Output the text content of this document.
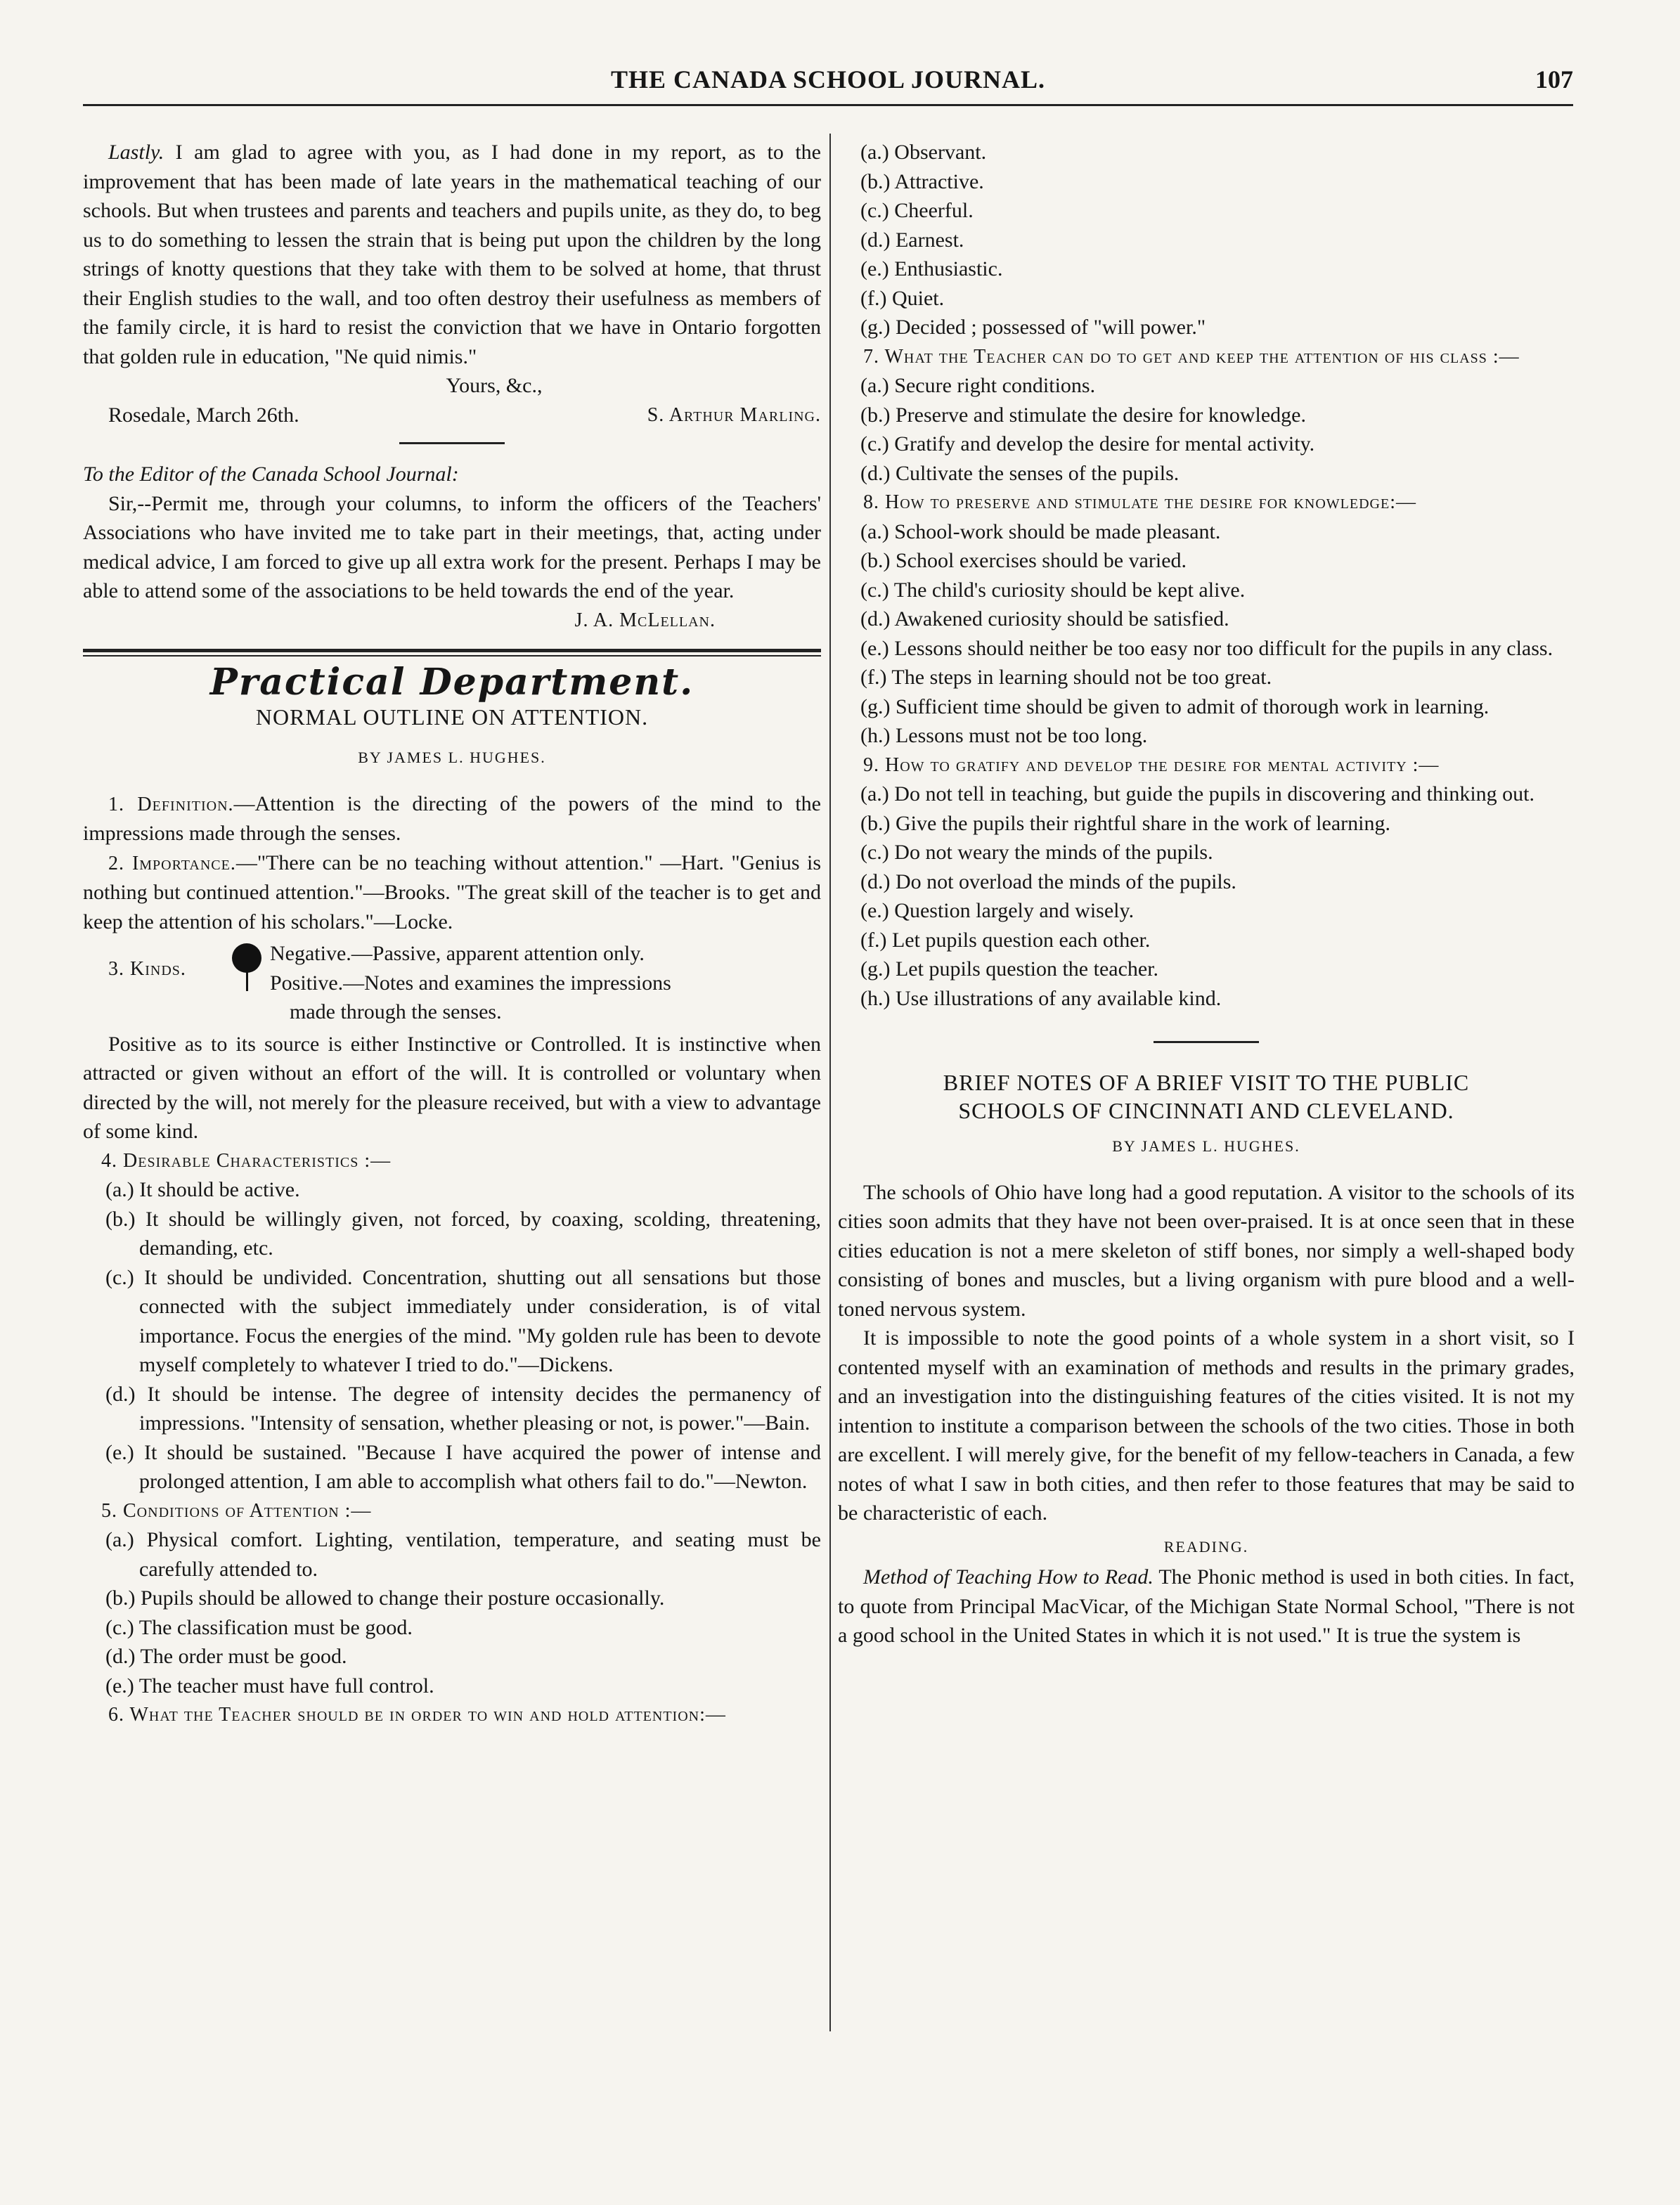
THE CANADA SCHOOL JOURNAL.	107

Lastly. I am glad to agree with you, as I had done in my report, as to the improvement that has been made of late years in the mathematical teaching of our schools. But when trustees and parents and teachers and pupils unite, as they do, to beg us to do something to lessen the strain that is being put upon the children by the long strings of knotty questions that they take with them to be solved at home, that thrust their English studies to the wall, and too often destroy their usefulness as members of the family circle, it is hard to resist the conviction that we have in Ontario forgotten that golden rule in education, "Ne quid nimis."

Yours, &c.,

Rosedale, March 26th.	S. Arthur Marling.

To the Editor of the Canada School Journal:

Sir,--Permit me, through your columns, to inform the officers of the Teachers' Associations who have invited me to take part in their meetings, that, acting under medical advice, I am forced to give up all extra work for the present. Perhaps I may be able to attend some of the associations to be held towards the end of the year.

J. A. McLellan.

Practical Department.
NORMAL OUTLINE ON ATTENTION.
BY JAMES L. HUGHES.

1. Definition.—Attention is the directing of the powers of the mind to the impressions made through the senses.

2. Importance.—"There can be no teaching without attention." —Hart. "Genius is nothing but continued attention."—Brooks. "The great skill of the teacher is to get and keep the attention of his scholars."—Locke.

3. Kinds.
Negative.—Passive, apparent attention only.
Positive.—Notes and examines the impressions
made through the senses.

Positive as to its source is either Instinctive or Controlled. It is instinctive when attracted or given without an effort of the will. It is controlled or voluntary when directed by the will, not merely for the pleasure received, but with a view to advantage of some kind.

4. Desirable Characteristics :—

(a.) It should be active.

(b.) It should be willingly given, not forced, by coaxing, scolding, threatening, demanding, etc.

(c.) It should be undivided. Concentration, shutting out all sensations but those connected with the subject immediately under consideration, is of vital importance. Focus the energies of the mind. "My golden rule has been to devote myself completely to whatever I tried to do."—Dickens.

(d.) It should be intense. The degree of intensity decides the permanency of impressions. "Intensity of sensation, whether pleasing or not, is power."—Bain.

(e.) It should be sustained. "Because I have acquired the power of intense and prolonged attention, I am able to accomplish what others fail to do."—Newton.

5. Conditions of Attention :—

(a.) Physical comfort. Lighting, ventilation, temperature, and seating must be carefully attended to.

(b.) Pupils should be allowed to change their posture occasionally.

(c.) The classification must be good.

(d.) The order must be good.

(e.) The teacher must have full control.

6. What the Teacher should be in order to win and hold attention:—

(a.) Observant.

(b.) Attractive.

(c.) Cheerful.

(d.) Earnest.

(e.) Enthusiastic.

(f.) Quiet.

(g.) Decided ; possessed of "will power."

7. What the Teacher can do to get and keep the attention of his class :—

(a.) Secure right conditions.

(b.) Preserve and stimulate the desire for knowledge.

(c.) Gratify and develop the desire for mental activity.

(d.) Cultivate the senses of the pupils.

8. How to preserve and stimulate the desire for knowledge:—

(a.) School-work should be made pleasant.

(b.) School exercises should be varied.

(c.) The child's curiosity should be kept alive.

(d.) Awakened curiosity should be satisfied.

(e.) Lessons should neither be too easy nor too difficult for the pupils in any class.

(f.) The steps in learning should not be too great.

(g.) Sufficient time should be given to admit of thorough work in learning.

(h.) Lessons must not be too long.

9. How to gratify and develop the desire for mental activity :—

(a.) Do not tell in teaching, but guide the pupils in discovering and thinking out.

(b.) Give the pupils their rightful share in the work of learning.

(c.) Do not weary the minds of the pupils.

(d.) Do not overload the minds of the pupils.

(e.) Question largely and wisely.

(f.) Let pupils question each other.

(g.) Let pupils question the teacher.

(h.) Use illustrations of any available kind.

BRIEF NOTES OF A BRIEF VISIT TO THE PUBLIC
SCHOOLS OF CINCINNATI AND CLEVELAND.
BY JAMES L. HUGHES.

The schools of Ohio have long had a good reputation. A visitor to the schools of its cities soon admits that they have not been over-praised. It is at once seen that in these cities education is not a mere skeleton of stiff bones, nor simply a well-shaped body consisting of bones and muscles, but a living organism with pure blood and a well-toned nervous system.

It is impossible to note the good points of a whole system in a short visit, so I contented myself with an examination of methods and results in the primary grades, and an investigation into the distinguishing features of the cities visited. It is not my intention to institute a comparison between the schools of the two cities. Those in both are excellent. I will merely give, for the benefit of my fellow-teachers in Canada, a few notes of what I saw in both cities, and then refer to those features that may be said to be characteristic of each.

READING.

Method of Teaching How to Read. The Phonic method is used in both cities. In fact, to quote from Principal MacVicar, of the Michigan State Normal School, "There is not a good school in the United States in which it is not used." It is true the system is
